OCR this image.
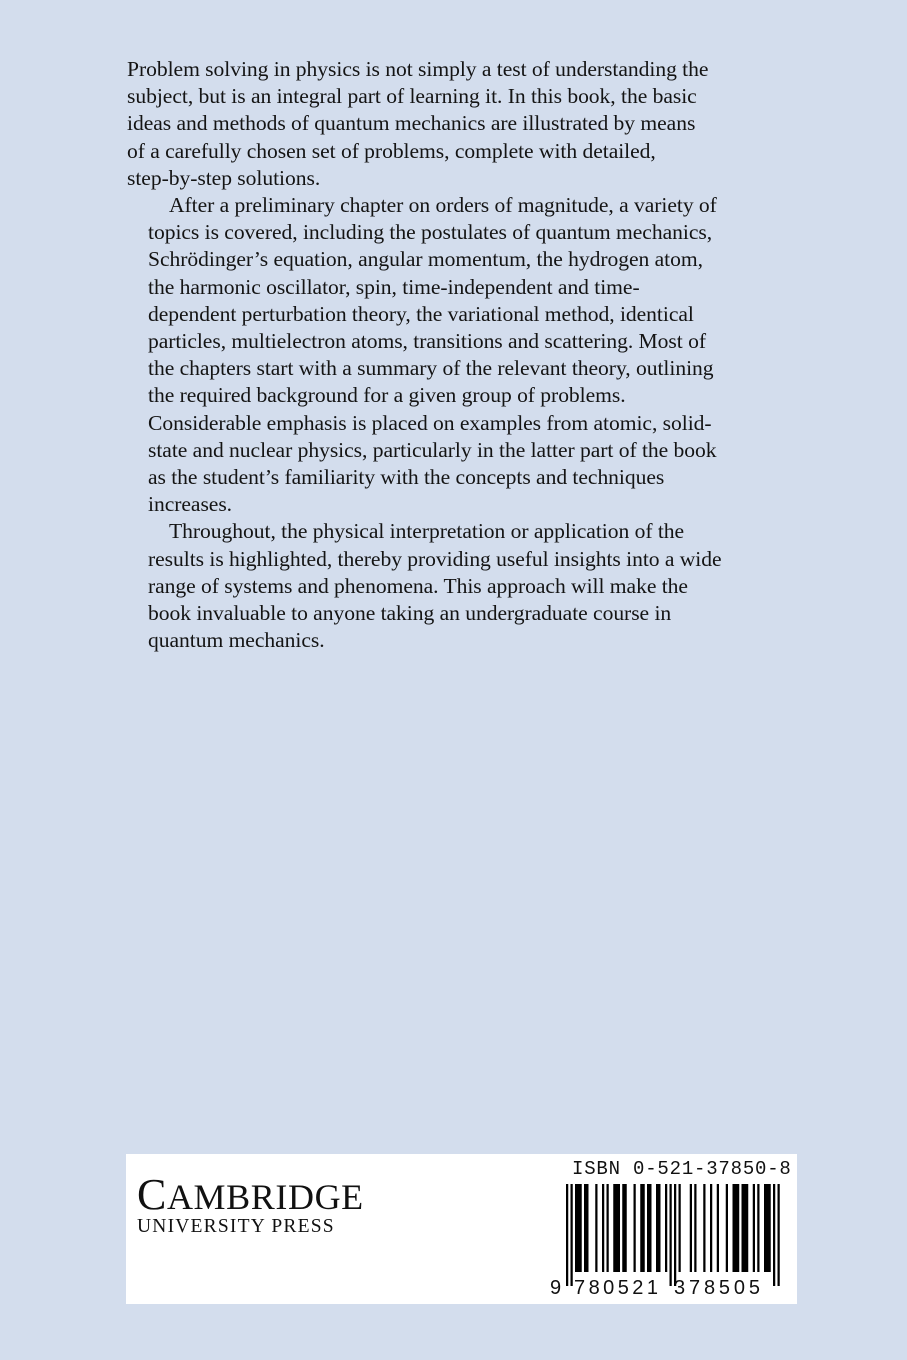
Problem solving in physics is not simply a test of understanding the
subject, but is an integral part of learning it. In this book, the basic
ideas and methods of quantum mechanics are illustrated by means
of a carefully chosen set of problems, complete with detailed,
step-by-step solutions.

After a preliminary chapter on orders of magnitude, a variety of
topics is covered, including the postulates of quantum mechanics,
Schrödinger’s equation, angular momentum, the hydrogen atom,
the harmonic oscillator, spin, time-independent and time-
dependent perturbation theory, the variational method, identical
particles, multielectron atoms, transitions and scattering. Most of
the chapters start with a summary of the relevant theory, outlining
the required background for a given group of problems.
Considerable emphasis is placed on examples from atomic, solid-
state and nuclear physics, particularly in the latter part of the book
as the student’s familiarity with the concepts and techniques
increases.

Throughout, the physical interpretation or application of the
results is highlighted, thereby providing useful insights into a wide
range of systems and phenomena. This approach will make the
book invaluable to anyone taking an undergraduate course in
quantum mechanics.

CAMBRIDGE
UNIVERSITY PRESS
ISBN 0-521-37850-8
9 780521 378505
